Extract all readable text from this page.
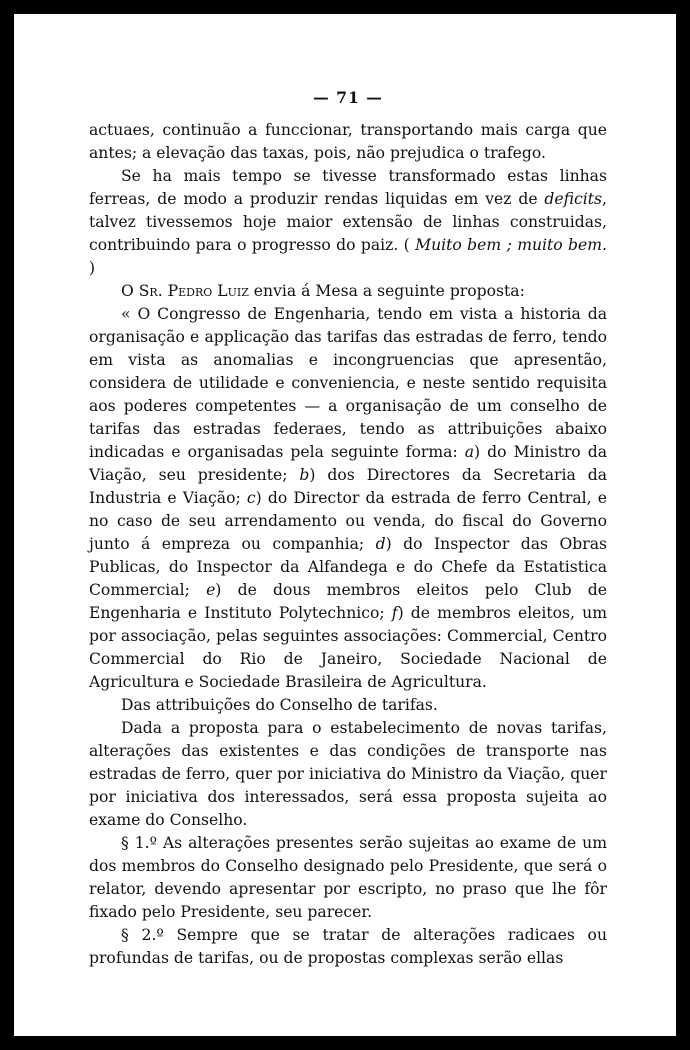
— 71 —

actuaes, continuão a funccionar, transportando mais carga que antes; a elevação das taxas, pois, não prejudica o trafego.

Se ha mais tempo se tivesse transformado estas linhas ferreas, de modo a produzir rendas liquidas em vez de deficits, talvez tivessemos hoje maior extensão de linhas construidas, contribuindo para o progresso do paiz. ( Muito bem ; muito bem. )

O Sr. Pedro Luiz envia á Mesa a seguinte proposta:

« O Congresso de Engenharia, tendo em vista a historia da organisação e applicação das tarifas das estradas de ferro, tendo em vista as anomalias e incongruencias que apresentão, considera de utilidade e conveniencia, e neste sentido requisita aos poderes competentes — a organisação de um conselho de tarifas das estradas federaes, tendo as attribuições abaixo indicadas e organisadas pela seguinte forma: a) do Ministro da Viação, seu presidente; b) dos Directores da Secretaria da Industria e Viação; c) do Director da estrada de ferro Central, e no caso de seu arrendamento ou venda, do fiscal do Governo junto á empreza ou companhia; d) do Inspector das Obras Publicas, do Inspector da Alfandega e do Chefe da Estatistica Commercial; e) de dous membros eleitos pelo Club de Engenharia e Instituto Polytechnico; f) de membros eleitos, um por associação, pelas seguintes associações: Commercial, Centro Commercial do Rio de Janeiro, Sociedade Nacional de Agricultura e Sociedade Brasileira de Agricultura.

Das attribuições do Conselho de tarifas.

Dada a proposta para o estabelecimento de novas tarifas, alterações das existentes e das condições de transporte nas estradas de ferro, quer por iniciativa do Ministro da Viação, quer por iniciativa dos interessados, será essa proposta sujeita ao exame do Conselho.

§ 1.º As alterações presentes serão sujeitas ao exame de um dos membros do Conselho designado pelo Presidente, que será o relator, devendo apresentar por escripto, no praso que lhe fôr fixado pelo Presidente, seu parecer.

§ 2.º Sempre que se tratar de alterações radicaes ou profundas de tarifas, ou de propostas complexas serão ellas
